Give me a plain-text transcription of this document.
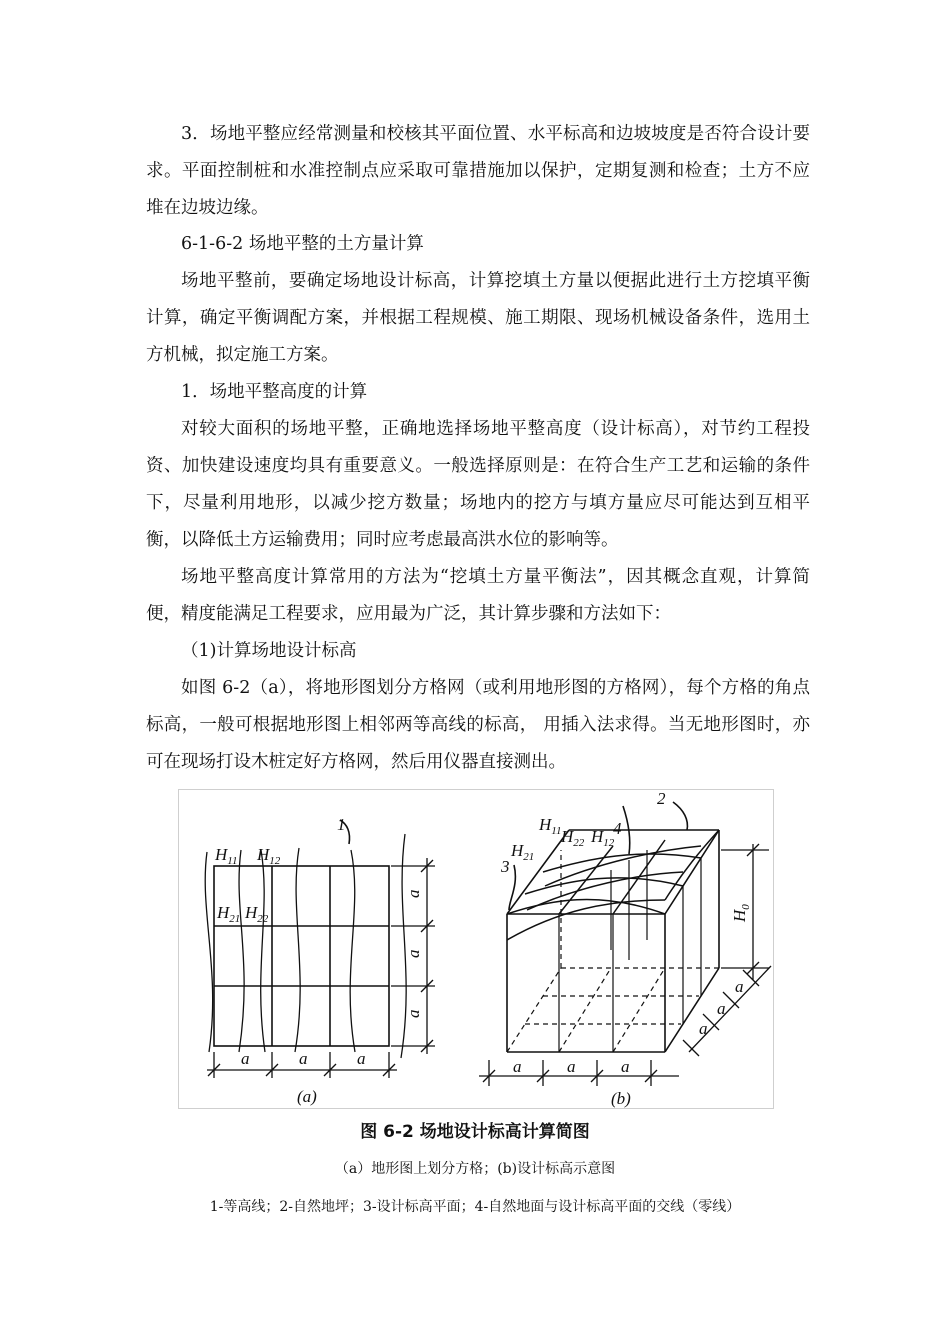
3．场地平整应经常测量和校核其平面位置、水平标高和边坡坡度是否符合设计要求。平面控制桩和水准控制点应采取可靠措施加以保护，定期复测和检查；土方不应堆在边坡边缘。

6-1-6-2 场地平整的土方量计算

场地平整前，要确定场地设计标高，计算挖填土方量以便据此进行土方挖填平衡计算，确定平衡调配方案，并根据工程规模、施工期限、现场机械设备条件，选用土方机械，拟定施工方案。

1．场地平整高度的计算

对较大面积的场地平整，正确地选择场地平整高度（设计标高），对节约工程投资、加快建设速度均具有重要意义。一般选择原则是：在符合生产工艺和运输的条件下，尽量利用地形，以减少挖方数量；场地内的挖方与填方量应尽可能达到互相平衡，以降低土方运输费用；同时应考虑最高洪水位的影响等。

场地平整高度计算常用的方法为“挖填土方量平衡法”，因其概念直观，计算简便，精度能满足工程要求，应用最为广泛，其计算步骤和方法如下：

（1)计算场地设计标高

如图 6-2（a），将地形图划分方格网（或利用地形图的方格网），每个方格的角点标高，一般可根据地形图上相邻两等高线的标高， 用插入法求得。当无地形图时，亦可在现场打设木桩定好方格网，然后用仪器直接测出。

$H_{11}$ $H_{12}$
$H_{21}$ $H_{22}$
1
a
a
a
a	a	a
(a)
$H_{22}$ $H_{12}$
4
2
$H_{11}$
$H_{21}$
3
$H_0$
a
a
a
a	a	a
(b)

图 6-2 场地设计标高计算简图

（a）地形图上划分方格；(b)设计标高示意图

1-等高线；2-自然地坪；3-设计标高平面；4-自然地面与设计标高平面的交线（零线）
